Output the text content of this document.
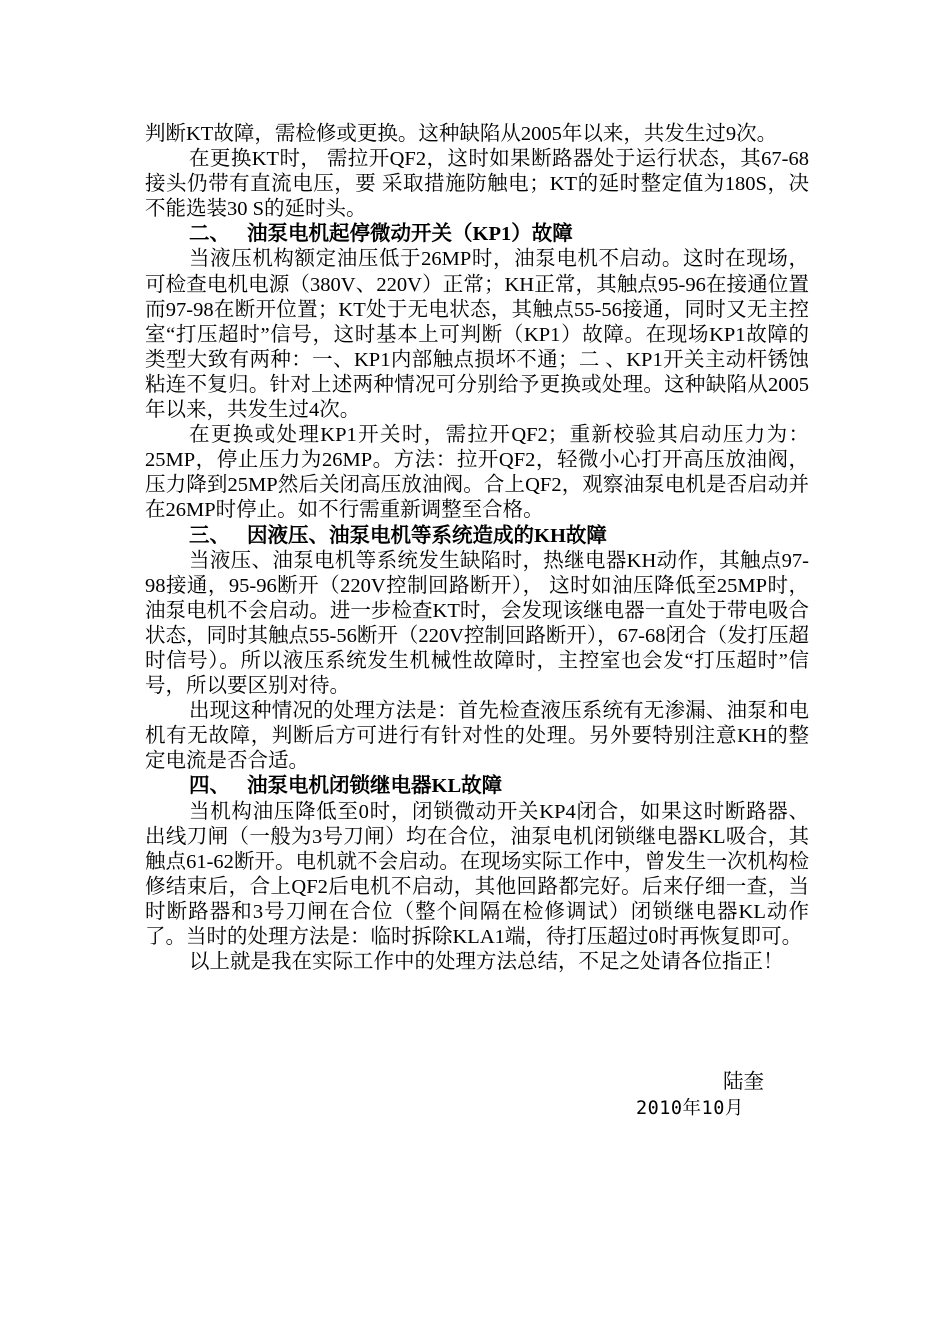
判断KT故障，需检修或更换。这种缺陷从2005年以来，共发生过9次。

在更换KT时， 需拉开QF2，这时如果断路器处于运行状态，其67-68接头仍带有直流电压，要 采取措施防触电；KT的延时整定值为180S，决不能选装30 S的延时头。

二、 油泵电机起停微动开关（KP1）故障

当液压机构额定油压低于26MP时，油泵电机不启动。这时在现场，可检查电机电源（380V、220V）正常；KH正常，其触点95-96在接通位置而97-98在断开位置；KT处于无电状态，其触点55-56接通，同时又无主控室“打压超时”信号，这时基本上可判断（KP1）故障。在现场KP1故障的类型大致有两种：一、KP1内部触点损坏不通；二 、KP1开关主动杆锈蚀粘连不复归。针对上述两种情况可分别给予更换或处理。这种缺陷从2005年以来，共发生过4次。

在更换或处理KP1开关时，需拉开QF2；重新校验其启动压力为：25MP，停止压力为26MP。方法：拉开QF2，轻微小心打开高压放油阀，压力降到25MP然后关闭高压放油阀。合上QF2，观察油泵电机是否启动并在26MP时停止。如不行需重新调整至合格。

三、 因液压、油泵电机等系统造成的KH故障

当液压、油泵电机等系统发生缺陷时，热继电器KH动作，其触点97-98接通，95-96断开（220V控制回路断开）， 这时如油压降低至25MP时，油泵电机不会启动。进一步检查KT时，会发现该继电器一直处于带电吸合状态，同时其触点55-56断开（220V控制回路断开），67-68闭合（发打压超时信号）。所以液压系统发生机械性故障时，主控室也会发“打压超时”信号，所以要区别对待。

出现这种情况的处理方法是：首先检查液压系统有无渗漏、油泵和电机有无故障，判断后方可进行有针对性的处理。另外要特别注意KH的整定电流是否合适。

四、 油泵电机闭锁继电器KL故障

当机构油压降低至0时，闭锁微动开关KP4闭合，如果这时断路器、出线刀闸（一般为3号刀闸）均在合位，油泵电机闭锁继电器KL吸合，其触点61-62断开。电机就不会启动。在现场实际工作中，曾发生一次机构检修结束后，合上QF2后电机不启动，其他回路都完好。后来仔细一查，当时断路器和3号刀闸在合位（整个间隔在检修调试）闭锁继电器KL动作了。当时的处理方法是：临时拆除KLA1端，待打压超过0时再恢复即可。

以上就是我在实际工作中的处理方法总结，不足之处请各位指正！

陆奎
2010年10月
